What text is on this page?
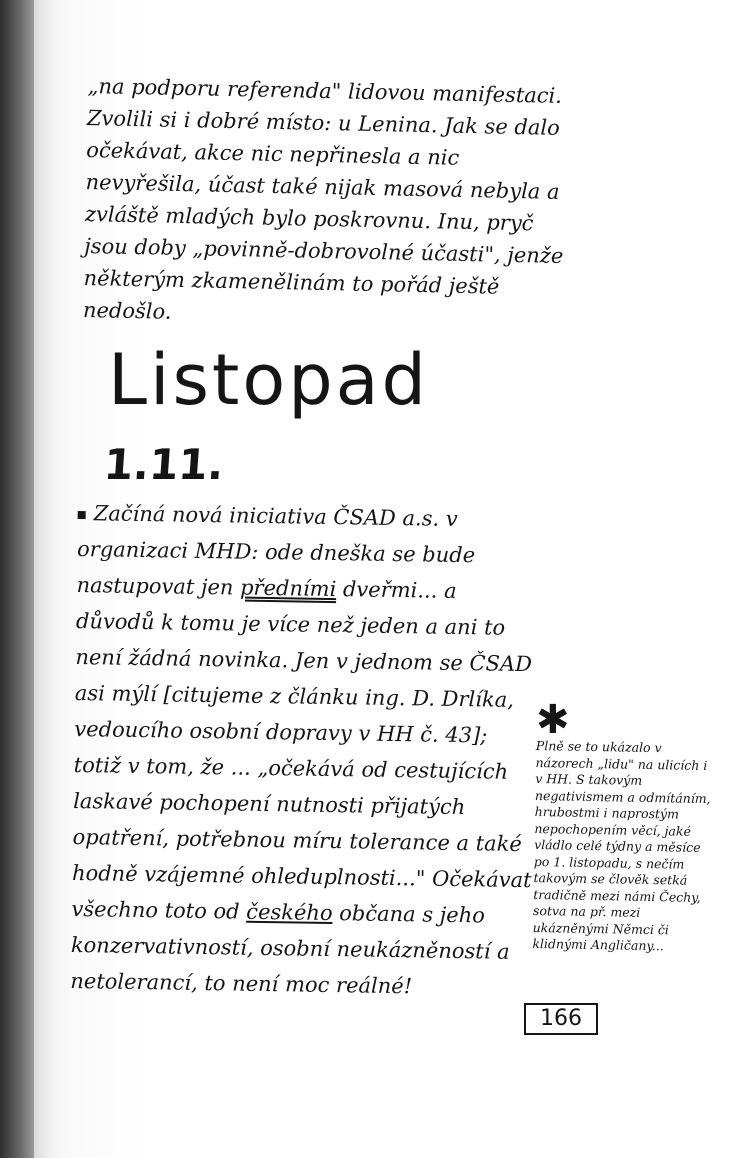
„na podporu referenda" lidovou manifestaci. Zvolili si i dobré místo: u Lenina. Jak se dalo očekávat, akce nic nepřinesla a nic nevyřešila, účast také nijak masová nebyla a zvláště mladých bylo poskrovnu. Inu, pryč jsou doby „povinně-dobrovolné účasti", jenže některým zkamenělinám to pořád ještě nedošlo.

Listopad
1.11.

Začíná nová iniciativa ČSAD a.s. v organizaci MHD: ode dneška se bude nastupovat jen předními dveřmi... a důvodů k tomu je více než jeden a ani to není žádná novinka. Jen v jednom se ČSAD asi mýlí [citujeme z článku ing. D. Drlíka, vedoucího osobní dopravy v HH č. 43]; totiž v tom, že ... „očekává od cestujících laskavé pochopení nutnosti přijatých opatření, potřebnou míru tolerance a také hodně vzájemné ohleduplnosti..." Očekávat všechno toto od českého občana s jeho konzervativností, osobní neukázněností a netolerancí, to není moc reálné!

✱

Plně se to ukázalo v názorech „lidu" na ulicích i v HH. S takovým negativismem a odmítáním, hrubostmi i naprostým nepochopením věcí, jaké vládlo celé týdny a měsíce po 1. listopadu, s nečím takovým se člověk setká tradičně mezi námi Čechy, sotva na př. mezi ukázněnými Němci či klidnými Angličany...

166
